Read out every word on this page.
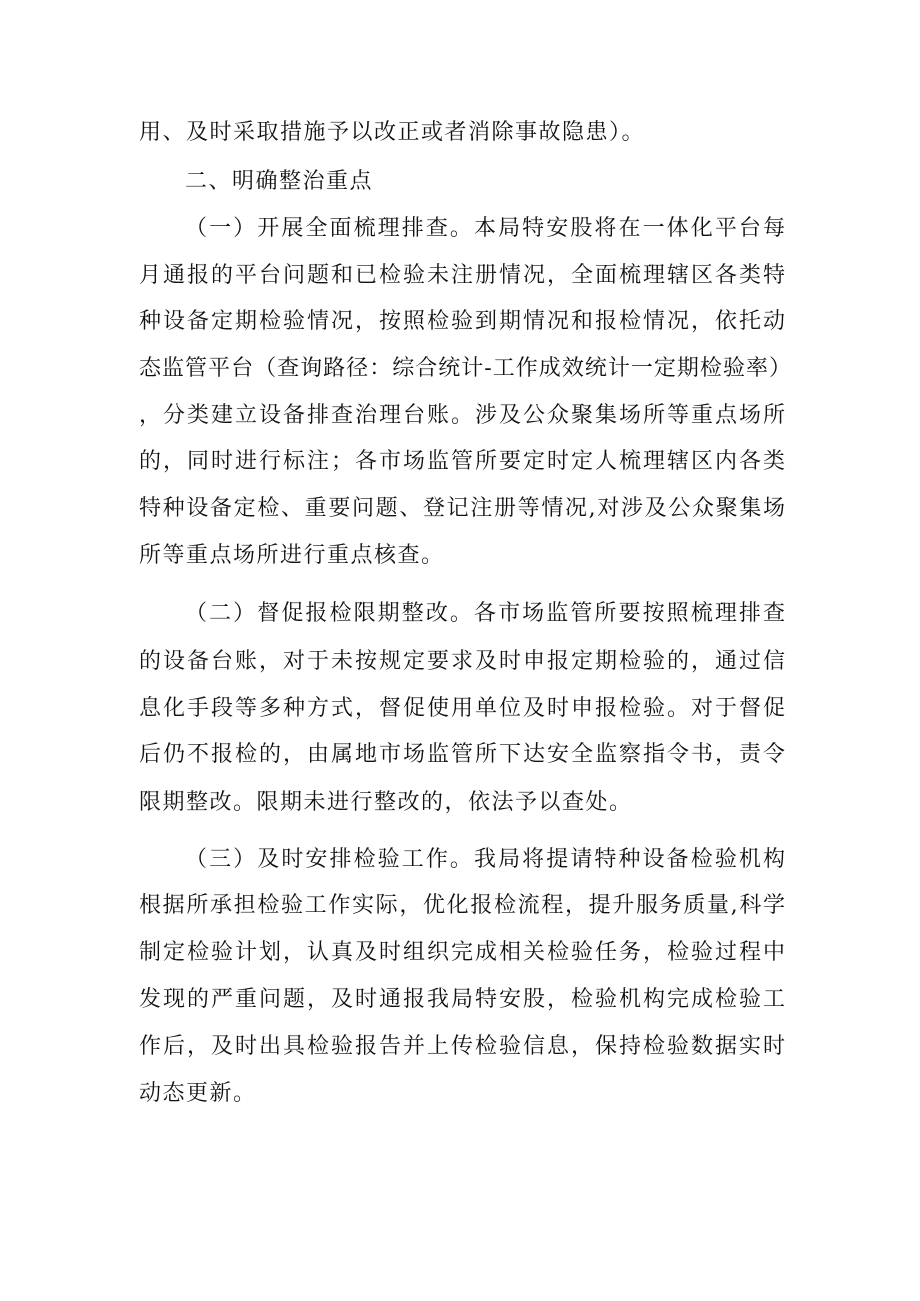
用、及时采取措施予以改正或者消除事故隐患）。
二、明确整治重点
（一）开展全面梳理排查。本局特安股将在一体化平台每
月通报的平台问题和已检验未注册情况，全面梳理辖区各类特
种设备定期检验情况，按照检验到期情况和报检情况，依托动
态监管平台（查询路径：综合统计-工作成效统计一定期检验率）
，分类建立设备排查治理台账。涉及公众聚集场所等重点场所
的，同时进行标注；各市场监管所要定时定人梳理辖区内各类
特种设备定检、重要问题、登记注册等情况,对涉及公众聚集场
所等重点场所进行重点核查。
（二）督促报检限期整改。各市场监管所要按照梳理排查
的设备台账，对于未按规定要求及时申报定期检验的，通过信
息化手段等多种方式，督促使用单位及时申报检验。对于督促
后仍不报检的，由属地市场监管所下达安全监察指令书，责令
限期整改。限期未进行整改的，依法予以查处。
（三）及时安排检验工作。我局将提请特种设备检验机构
根据所承担检验工作实际，优化报检流程，提升服务质量,科学
制定检验计划，认真及时组织完成相关检验任务，检验过程中
发现的严重问题，及时通报我局特安股，检验机构完成检验工
作后，及时出具检验报告并上传检验信息，保持检验数据实时
动态更新。
